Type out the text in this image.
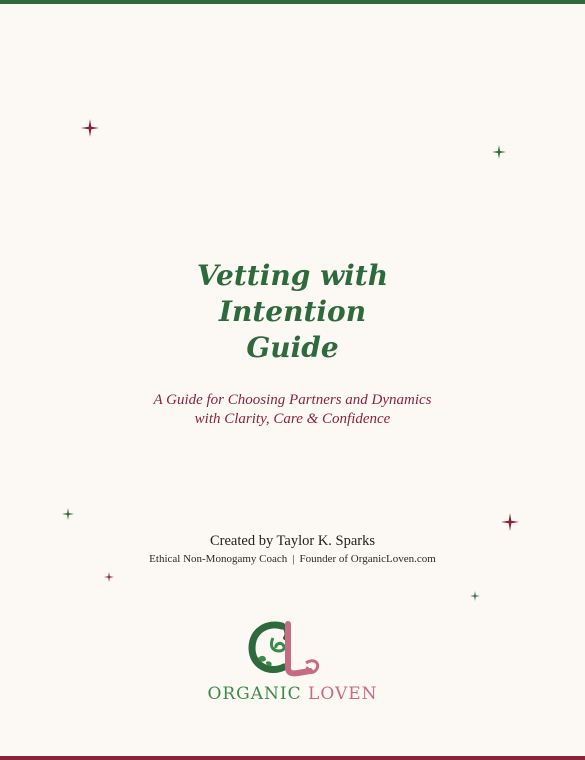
Vetting with
Intention
Guide
A Guide for Choosing Partners and Dynamics
with Clarity, Care & Confidence
Created by Taylor K. Sparks
Ethical Non-Monogamy Coach | Founder of OrganicLoven.com
ORGANIC LOVEN
